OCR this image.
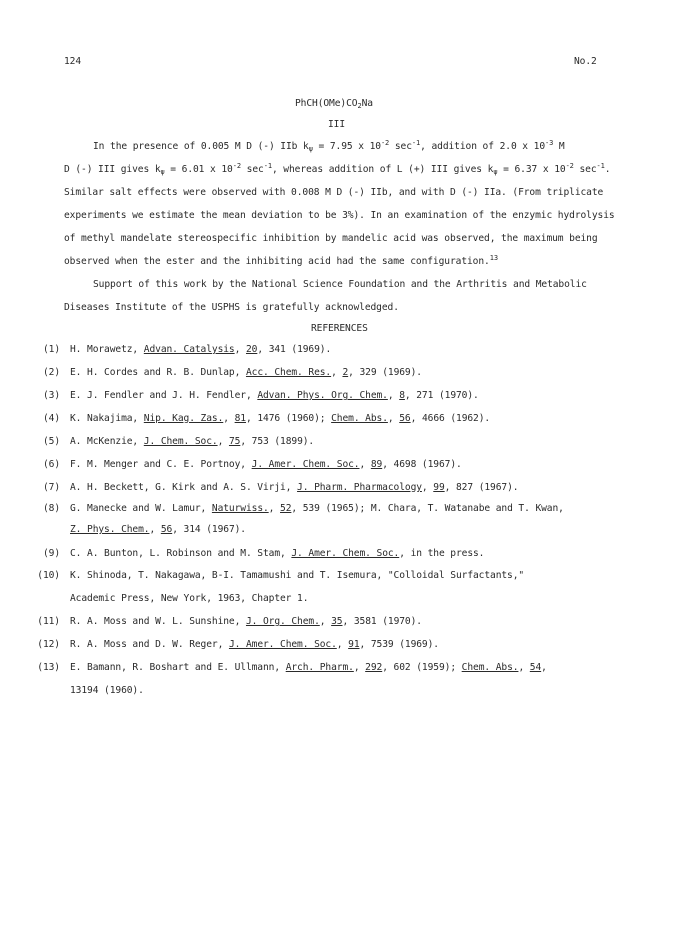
124	No.2
$PhCH(OMe)CO_2Na$
III
In the presence of 0.005 M D (-) IIb $k_\psi = 7.95$ x $10^{-2}$ $\sec^{-1}$, addition of 2.0 x $10^{-3}$ M
D (-) III gives $k_\psi = 6.01$ x $10^{-2}$ $\sec^{-1}$, whereas addition of L (+) III gives $k_\psi = 6.37$ x $10^{-2}$ $\sec^{-1}$.
Similar salt effects were observed with 0.008 M D (-) IIb, and with D (-) IIa. (From triplicate
experiments we estimate the mean deviation to be 3%). In an examination of the enzymic hydrolysis
of methyl mandelate stereospecific inhibition by mandelic acid was observed, the maximum being
observed when the ester and the inhibiting acid had the same configuration.$^{13}$
Support of this work by the National Science Foundation and the Arthritis and Metabolic
Diseases Institute of the USPHS is gratefully acknowledged.
REFERENCES
(1) H. Morawetz, Advan. Catalysis, 20, 341 (1969).
(2) E. H. Cordes and R. B. Dunlap, Acc. Chem. Res., 2, 329 (1969).
(3) E. J. Fendler and J. H. Fendler, Advan. Phys. Org. Chem., 8, 271 (1970).
(4) K. Nakajima, Nip. Kag. Zas., 81, 1476 (1960); Chem. Abs., 56, 4666 (1962).
(5) A. McKenzie, J. Chem. Soc., 75, 753 (1899).
(6) F. M. Menger and C. E. Portnoy, J. Amer. Chem. Soc., 89, 4698 (1967).
(7) A. H. Beckett, G. Kirk and A. S. Virji, J. Pharm. Pharmacology, 99, 827 (1967).
(8) G. Manecke and W. Lamur, Naturwiss., 52, 539 (1965); M. Chara, T. Watanabe and T. Kwan,
Z. Phys. Chem., 56, 314 (1967).
(9) C. A. Bunton, L. Robinson and M. Stam, J. Amer. Chem. Soc., in the press.
(10) K. Shinoda, T. Nakagawa, B-I. Tamamushi and T. Isemura, "Colloidal Surfactants,"
Academic Press, New York, 1963, Chapter 1.
(11) R. A. Moss and W. L. Sunshine, J. Org. Chem., 35, 3581 (1970).
(12) R. A. Moss and D. W. Reger, J. Amer. Chem. Soc., 91, 7539 (1969).
(13) E. Bamann, R. Boshart and E. Ullmann, Arch. Pharm., 292, 602 (1959); Chem. Abs., 54,
13194 (1960).
